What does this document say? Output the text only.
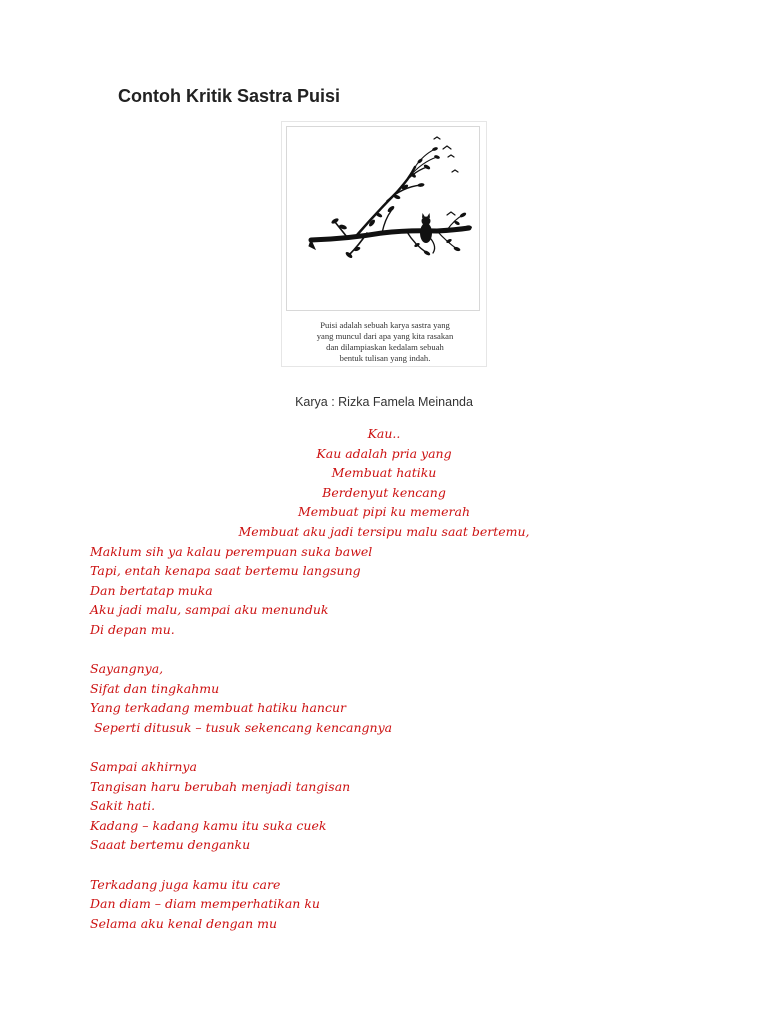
Contoh Kritik Sastra Puisi
Puisi adalah sebuah karya sastra yang
yang muncul dari apa yang kita rasakan
dan dilampiaskan kedalam sebuah
bentuk tulisan yang indah.
Karya : Rizka Famela Meinanda
Kau..
Kau adalah pria yang
Membuat hatiku
Berdenyut kencang
Membuat pipi ku memerah
Membuat aku jadi tersipu malu saat bertemu,
Maklum sih ya kalau perempuan suka bawel
Tapi, entah kenapa saat bertemu langsung
Dan bertatap muka
Aku jadi malu, sampai aku menunduk
Di depan mu.
Sayangnya,
Sifat dan tingkahmu
Yang terkadang membuat hatiku hancur
Seperti ditusuk – tusuk sekencang kencangnya
Sampai akhirnya
Tangisan haru berubah menjadi tangisan
Sakit hati.
Kadang – kadang kamu itu suka cuek
Saaat bertemu denganku
Terkadang juga kamu itu care
Dan diam – diam memperhatikan ku
Selama aku kenal dengan mu
